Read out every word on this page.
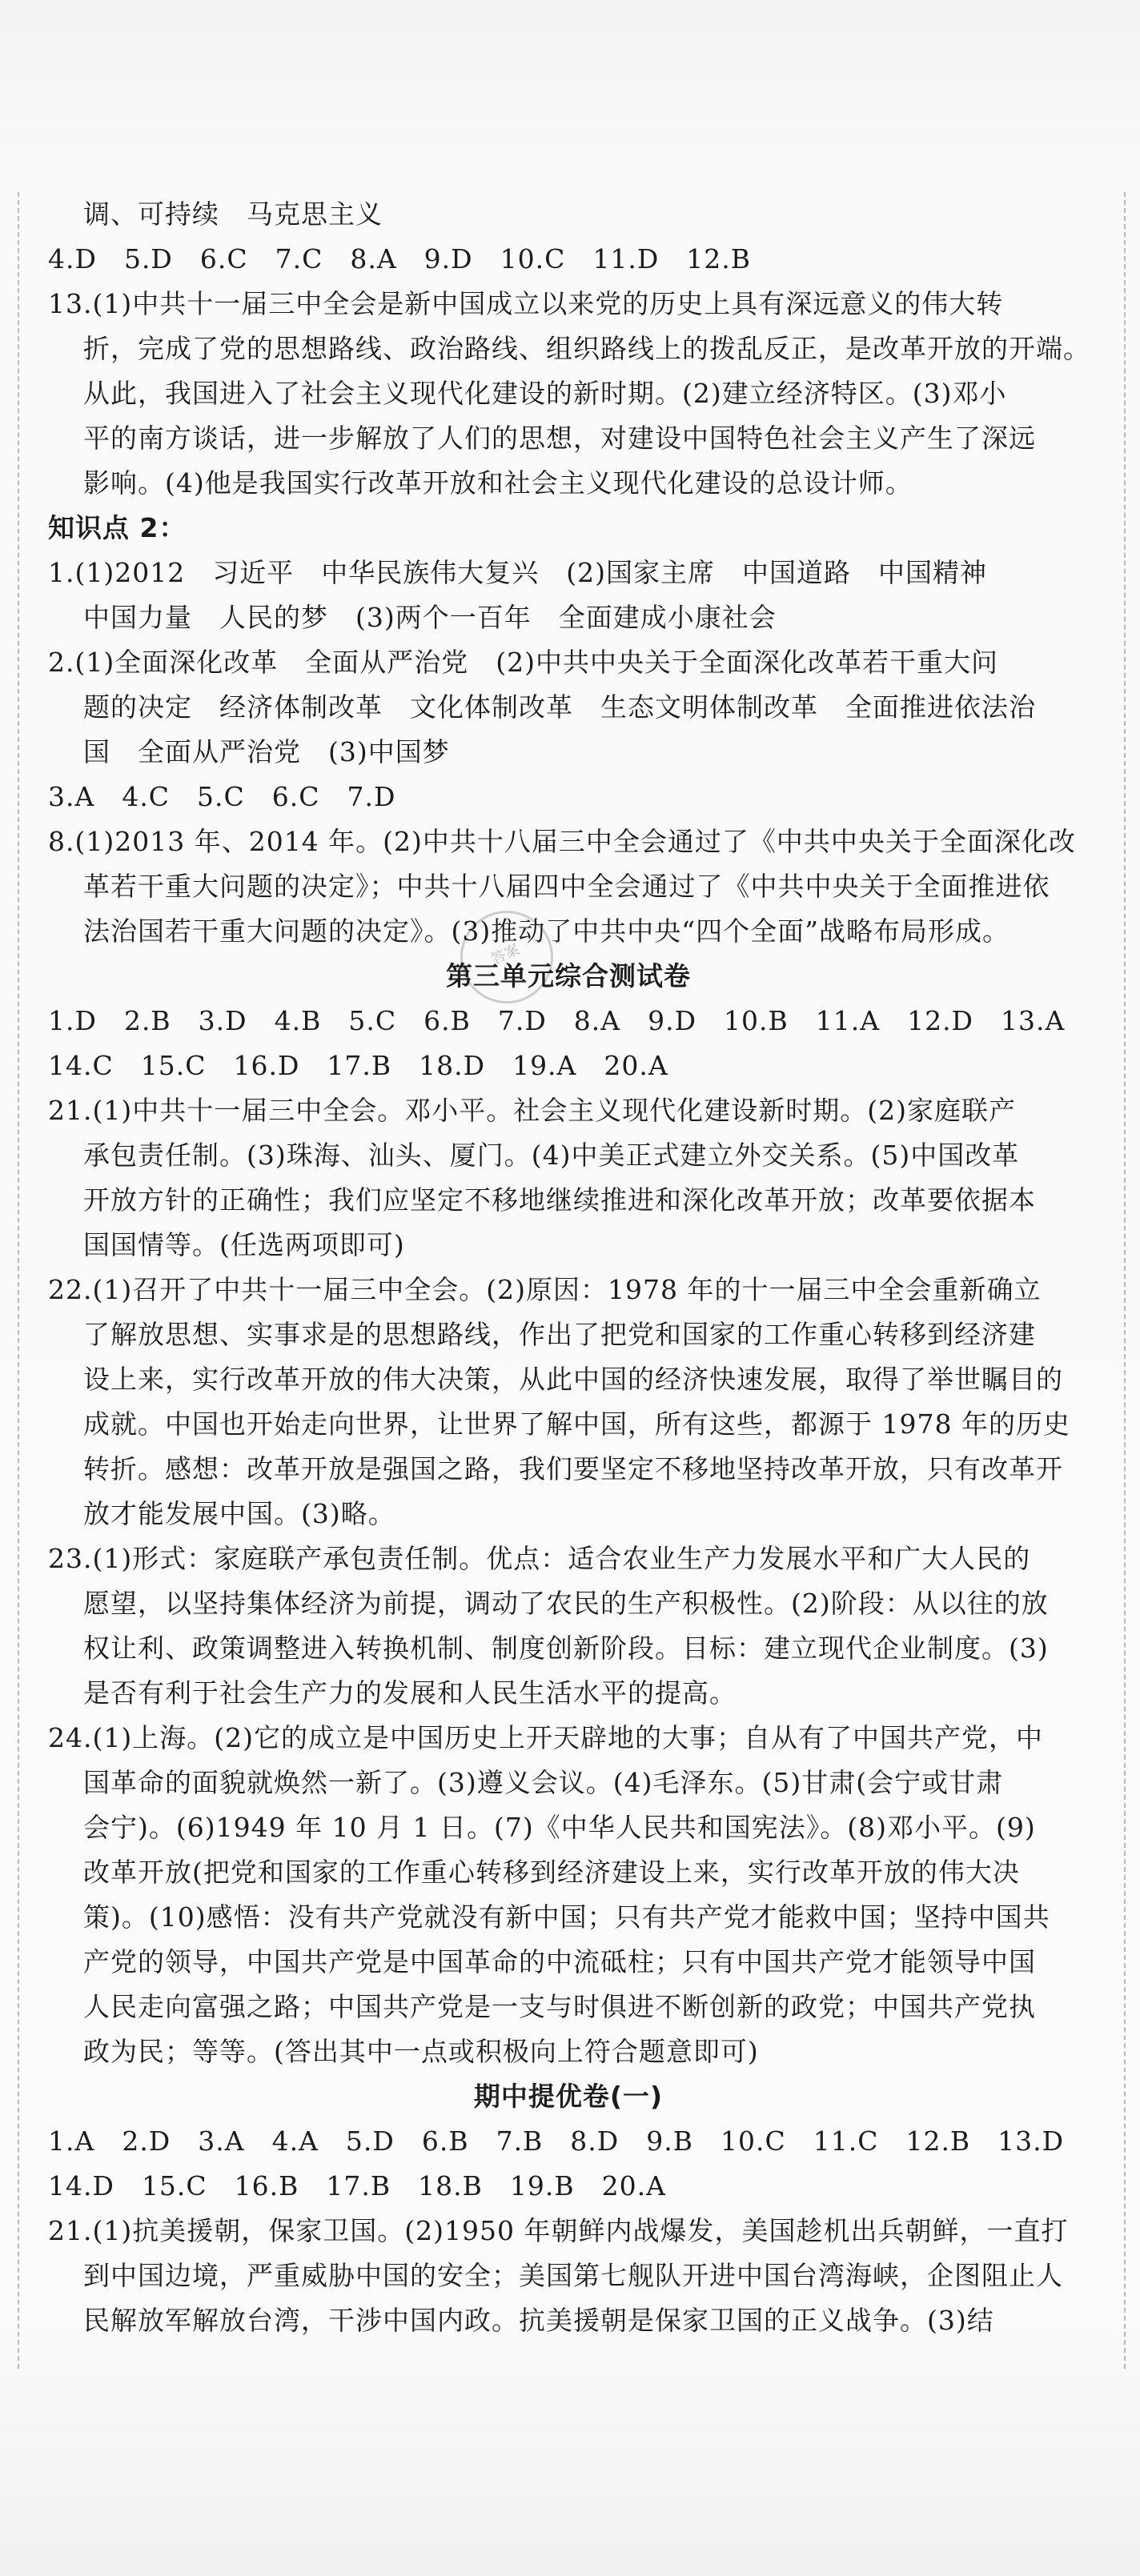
答案
调、可持续　马克思主义
4.D　5.D　6.C　7.C　8.A　9.D　10.C　11.D　12.B
13.(1)中共十一届三中全会是新中国成立以来党的历史上具有深远意义的伟大转
折，完成了党的思想路线、政治路线、组织路线上的拨乱反正，是改革开放的开端。
从此，我国进入了社会主义现代化建设的新时期。(2)建立经济特区。(3)邓小
平的南方谈话，进一步解放了人们的思想，对建设中国特色社会主义产生了深远
影响。(4)他是我国实行改革开放和社会主义现代化建设的总设计师。
知识点 2：
1.(1)2012　习近平　中华民族伟大复兴　(2)国家主席　中国道路　中国精神
中国力量　人民的梦　(3)两个一百年　全面建成小康社会
2.(1)全面深化改革　全面从严治党　(2)中共中央关于全面深化改革若干重大问
题的决定　经济体制改革　文化体制改革　生态文明体制改革　全面推进依法治
国　全面从严治党　(3)中国梦
3.A　4.C　5.C　6.C　7.D
8.(1)2013 年、2014 年。(2)中共十八届三中全会通过了《中共中央关于全面深化改
革若干重大问题的决定》；中共十八届四中全会通过了《中共中央关于全面推进依
法治国若干重大问题的决定》。(3)推动了中共中央“四个全面”战略布局形成。
第三单元综合测试卷
1.D　2.B　3.D　4.B　5.C　6.B　7.D　8.A　9.D　10.B　11.A　12.D　13.A
14.C　15.C　16.D　17.B　18.D　19.A　20.A
21.(1)中共十一届三中全会。邓小平。社会主义现代化建设新时期。(2)家庭联产
承包责任制。(3)珠海、汕头、厦门。(4)中美正式建立外交关系。(5)中国改革
开放方针的正确性；我们应坚定不移地继续推进和深化改革开放；改革要依据本
国国情等。(任选两项即可)
22.(1)召开了中共十一届三中全会。(2)原因：1978 年的十一届三中全会重新确立
了解放思想、实事求是的思想路线，作出了把党和国家的工作重心转移到经济建
设上来，实行改革开放的伟大决策，从此中国的经济快速发展，取得了举世瞩目的
成就。中国也开始走向世界，让世界了解中国，所有这些，都源于 1978 年的历史
转折。感想：改革开放是强国之路，我们要坚定不移地坚持改革开放，只有改革开
放才能发展中国。(3)略。
23.(1)形式：家庭联产承包责任制。优点：适合农业生产力发展水平和广大人民的
愿望，以坚持集体经济为前提，调动了农民的生产积极性。(2)阶段：从以往的放
权让利、政策调整进入转换机制、制度创新阶段。目标：建立现代企业制度。(3)
是否有利于社会生产力的发展和人民生活水平的提高。
24.(1)上海。(2)它的成立是中国历史上开天辟地的大事；自从有了中国共产党，中
国革命的面貌就焕然一新了。(3)遵义会议。(4)毛泽东。(5)甘肃(会宁或甘肃
会宁)。(6)1949 年 10 月 1 日。(7)《中华人民共和国宪法》。(8)邓小平。(9)
改革开放(把党和国家的工作重心转移到经济建设上来，实行改革开放的伟大决
策)。(10)感悟：没有共产党就没有新中国；只有共产党才能救中国；坚持中国共
产党的领导，中国共产党是中国革命的中流砥柱；只有中国共产党才能领导中国
人民走向富强之路；中国共产党是一支与时俱进不断创新的政党；中国共产党执
政为民；等等。(答出其中一点或积极向上符合题意即可)
期中提优卷(一)
1.A　2.D　3.A　4.A　5.D　6.B　7.B　8.D　9.B　10.C　11.C　12.B　13.D
14.D　15.C　16.B　17.B　18.B　19.B　20.A
21.(1)抗美援朝，保家卫国。(2)1950 年朝鲜内战爆发，美国趁机出兵朝鲜，一直打
到中国边境，严重威胁中国的安全；美国第七舰队开进中国台湾海峡，企图阻止人
民解放军解放台湾，干涉中国内政。抗美援朝是保家卫国的正义战争。(3)结
